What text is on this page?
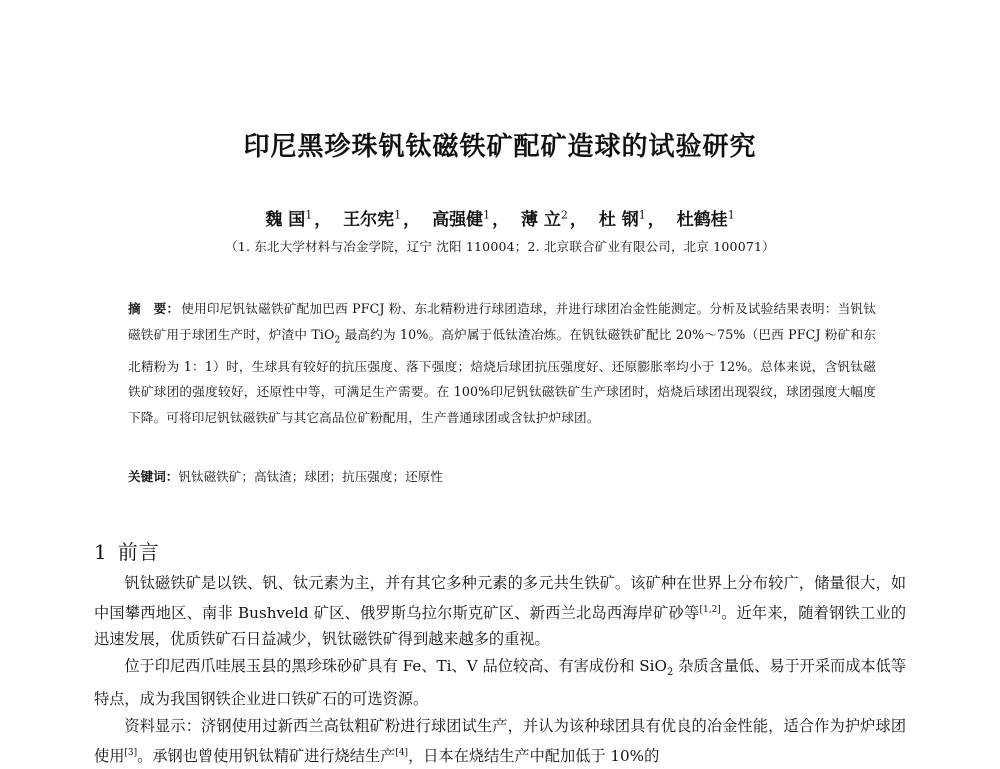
印尼黑珍珠钒钛磁铁矿配矿造球的试验研究
魏 国$^1$ ， 王尔宪$^1$ ， 高强健$^1$ ， 薄 立$^2$ ， 杜 钢$^1$ ， 杜鹤桂$^1$
（1. 东北大学材料与冶金学院，辽宁 沈阳 110004；2. 北京联合矿业有限公司，北京 100071）
摘　要： 使用印尼钒钛磁铁矿配加巴西 PFCJ 粉、东北精粉进行球团造球，并进行球团冶金性能测定。分析及试验结果表明：当钒钛磁铁矿用于球团生产时，炉渣中 TiO$_2$ 最高约为 10%。高炉属于低钛渣冶炼。在钒钛磁铁矿配比 20%～75%（巴西 PFCJ 粉矿和东北精粉为 1：1）时，生球具有较好的抗压强度、落下强度；焙烧后球团抗压强度好、还原膨胀率均小于 12%。总体来说，含钒钛磁铁矿球团的强度较好，还原性中等，可满足生产需要。在 100%印尼钒钛磁铁矿生产球团时，焙烧后球团出现裂纹，球团强度大幅度下降。可将印尼钒钛磁铁矿与其它高品位矿粉配用，生产普通球团或含钛护炉球团。
关键词：钒钛磁铁矿；高钛渣；球团；抗压强度；还原性
1 前言

钒钛磁铁矿是以铁、钒、钛元素为主，并有其它多种元素的多元共生铁矿。该矿种在世界上分布较广，储量很大，如中国攀西地区、南非 Bushveld 矿区、俄罗斯乌拉尔斯克矿区、新西兰北岛西海岸矿砂等[1,2]。近年来，随着钢铁工业的迅速发展，优质铁矿石日益减少，钒钛磁铁矿得到越来越多的重视。

位于印尼西爪哇展玉县的黑珍珠砂矿具有 Fe、Ti、V 品位较高、有害成份和 SiO$_2$ 杂质含量低、易于开采而成本低等特点，成为我国钢铁企业进口铁矿石的可选资源。

资料显示：济钢使用过新西兰高钛粗矿粉进行球团试生产，并认为该种球团具有优良的冶金性能，适合作为护炉球团使用[3]。承钢也曾使用钒钛精矿进行烧结生产[4]，日本在烧结生产中配加低于 10%的
